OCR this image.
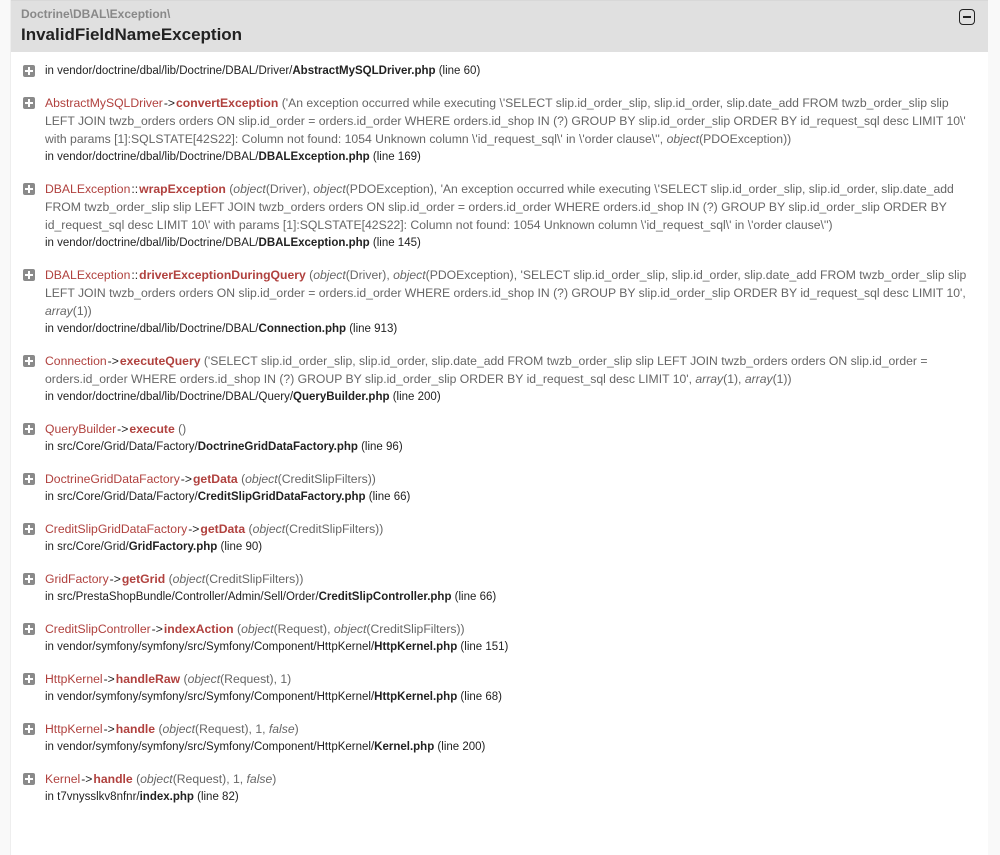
Doctrine\DBAL\Exception\
InvalidFieldNameException
in vendor/doctrine/dbal/lib/Doctrine/DBAL/Driver/AbstractMySQLDriver.php (line 60)
AbstractMySQLDriver->convertException ('An exception occurred while executing \'SELECT slip.id_order_slip, slip.id_order, slip.date_add FROM twzb_order_slip slip LEFT JOIN twzb_orders orders ON slip.id_order = orders.id_order WHERE orders.id_shop IN (?) GROUP BY slip.id_order_slip ORDER BY id_request_sql desc LIMIT 10\' with params [1]:SQLSTATE[42S22]: Column not found: 1054 Unknown column \'id_request_sql\' in \'order clause\'', object(PDOException))
in vendor/doctrine/dbal/lib/Doctrine/DBAL/DBALException.php (line 169)
DBALException::wrapException (object(Driver), object(PDOException), 'An exception occurred while executing \'SELECT slip.id_order_slip, slip.id_order, slip.date_add FROM twzb_order_slip slip LEFT JOIN twzb_orders orders ON slip.id_order = orders.id_order WHERE orders.id_shop IN (?) GROUP BY slip.id_order_slip ORDER BY id_request_sql desc LIMIT 10\' with params [1]:SQLSTATE[42S22]: Column not found: 1054 Unknown column \'id_request_sql\' in \'order clause\'')
in vendor/doctrine/dbal/lib/Doctrine/DBAL/DBALException.php (line 145)
DBALException::driverExceptionDuringQuery (object(Driver), object(PDOException), 'SELECT slip.id_order_slip, slip.id_order, slip.date_add FROM twzb_order_slip slip LEFT JOIN twzb_orders orders ON slip.id_order = orders.id_order WHERE orders.id_shop IN (?) GROUP BY slip.id_order_slip ORDER BY id_request_sql desc LIMIT 10', array(1))
in vendor/doctrine/dbal/lib/Doctrine/DBAL/Connection.php (line 913)
Connection->executeQuery ('SELECT slip.id_order_slip, slip.id_order, slip.date_add FROM twzb_order_slip slip LEFT JOIN twzb_orders orders ON slip.id_order = orders.id_order WHERE orders.id_shop IN (?) GROUP BY slip.id_order_slip ORDER BY id_request_sql desc LIMIT 10', array(1), array(1))
in vendor/doctrine/dbal/lib/Doctrine/DBAL/Query/QueryBuilder.php (line 200)
QueryBuilder->execute ()
in src/Core/Grid/Data/Factory/DoctrineGridDataFactory.php (line 96)
DoctrineGridDataFactory->getData (object(CreditSlipFilters))
in src/Core/Grid/Data/Factory/CreditSlipGridDataFactory.php (line 66)
CreditSlipGridDataFactory->getData (object(CreditSlipFilters))
in src/Core/Grid/GridFactory.php (line 90)
GridFactory->getGrid (object(CreditSlipFilters))
in src/PrestaShopBundle/Controller/Admin/Sell/Order/CreditSlipController.php (line 66)
CreditSlipController->indexAction (object(Request), object(CreditSlipFilters))
in vendor/symfony/symfony/src/Symfony/Component/HttpKernel/HttpKernel.php (line 151)
HttpKernel->handleRaw (object(Request), 1)
in vendor/symfony/symfony/src/Symfony/Component/HttpKernel/HttpKernel.php (line 68)
HttpKernel->handle (object(Request), 1, false)
in vendor/symfony/symfony/src/Symfony/Component/HttpKernel/Kernel.php (line 200)
Kernel->handle (object(Request), 1, false)
in t7vnysslkv8nfnr/index.php (line 82)
